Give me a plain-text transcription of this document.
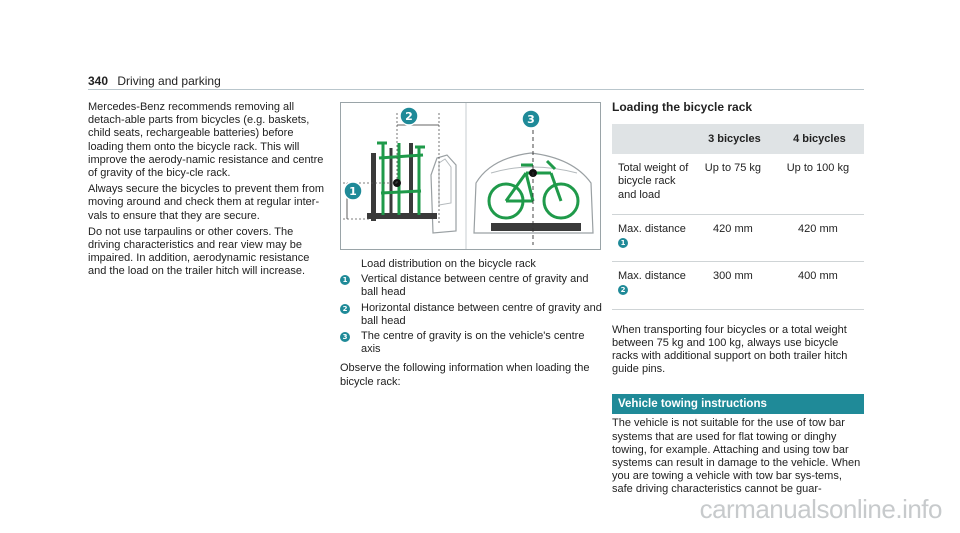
340 Driving and parking

Mercedes-Benz recommends removing all detach-able parts from bicycles (e.g. baskets, child seats, rechargeable batteries) before loading them onto the bicycle rack. This will improve the aerody-namic resistance and centre of gravity of the bicy-cle rack.

Always secure the bicycles to prevent them from moving around and check them at regular inter-vals to ensure that they are secure.

Do not use tarpaulins or other covers. The driving characteristics and rear view may be impaired. In addition, aerodynamic resistance and the load on the trailer hitch will increase.

2
1
3
Load distribution on the bicycle rack
1 Vertical distance between centre of gravity and ball head
2 Horizontal distance between centre of gravity and ball head
3 The centre of gravity is on the vehicle's centre axis
Observe the following information when loading the bicycle rack:
Loading the bicycle rack
	3 bicycles	4 bicycles
Total weight of bicycle rack and load	Up to 75 kg	Up to 100 kg

Max. distance
1	420 mm	420 mm

Max. distance
2	300 mm	400 mm
When transporting four bicycles or a total weight between 75 kg and 100 kg, always use bicycle racks with additional support on both trailer hitch guide pins.
Vehicle towing instructions
The vehicle is not suitable for the use of tow bar systems that are used for flat towing or dinghy towing, for example. Attaching and using tow bar systems can result in damage to the vehicle. When you are towing a vehicle with tow bar sys-tems, safe driving characteristics cannot be guar-
carmanualsonline.info
